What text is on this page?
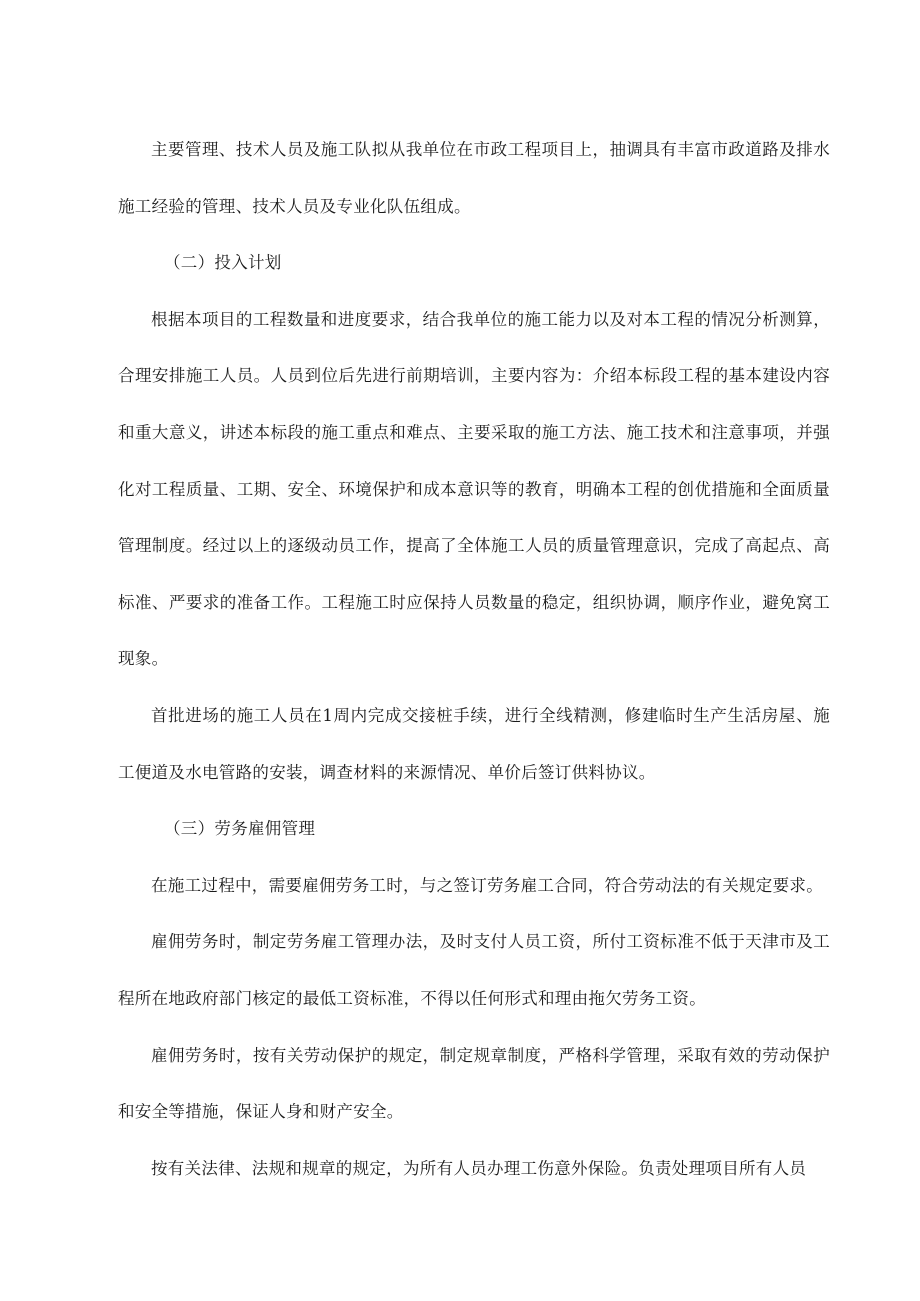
主要管理、技术人员及施工队拟从我单位在市政工程项目上，抽调具有丰富市政道路及排水施工经验的管理、技术人员及专业化队伍组成。

（二）投入计划

根据本项目的工程数量和进度要求，结合我单位的施工能力以及对本工程的情况分析测算，合理安排施工人员。人员到位后先进行前期培训，主要内容为：介绍本标段工程的基本建设内容和重大意义，讲述本标段的施工重点和难点、主要采取的施工方法、施工技术和注意事项，并强化对工程质量、工期、安全、环境保护和成本意识等的教育，明确本工程的创优措施和全面质量管理制度。经过以上的逐级动员工作，提高了全体施工人员的质量管理意识，完成了高起点、高标准、严要求的准备工作。工程施工时应保持人员数量的稳定，组织协调，顺序作业，避免窝工现象。

首批进场的施工人员在1周内完成交接桩手续，进行全线精测，修建临时生产生活房屋、施工便道及水电管路的安装，调查材料的来源情况、单价后签订供料协议。

（三）劳务雇佣管理

在施工过程中，需要雇佣劳务工时，与之签订劳务雇工合同，符合劳动法的有关规定要求。

雇佣劳务时，制定劳务雇工管理办法，及时支付人员工资，所付工资标准不低于天津市及工程所在地政府部门核定的最低工资标准，不得以任何形式和理由拖欠劳务工资。

雇佣劳务时，按有关劳动保护的规定，制定规章制度，严格科学管理，采取有效的劳动保护和安全等措施，保证人身和财产安全。

按有关法律、法规和规章的规定，为所有人员办理工伤意外保险。负责处理项目所有人员
